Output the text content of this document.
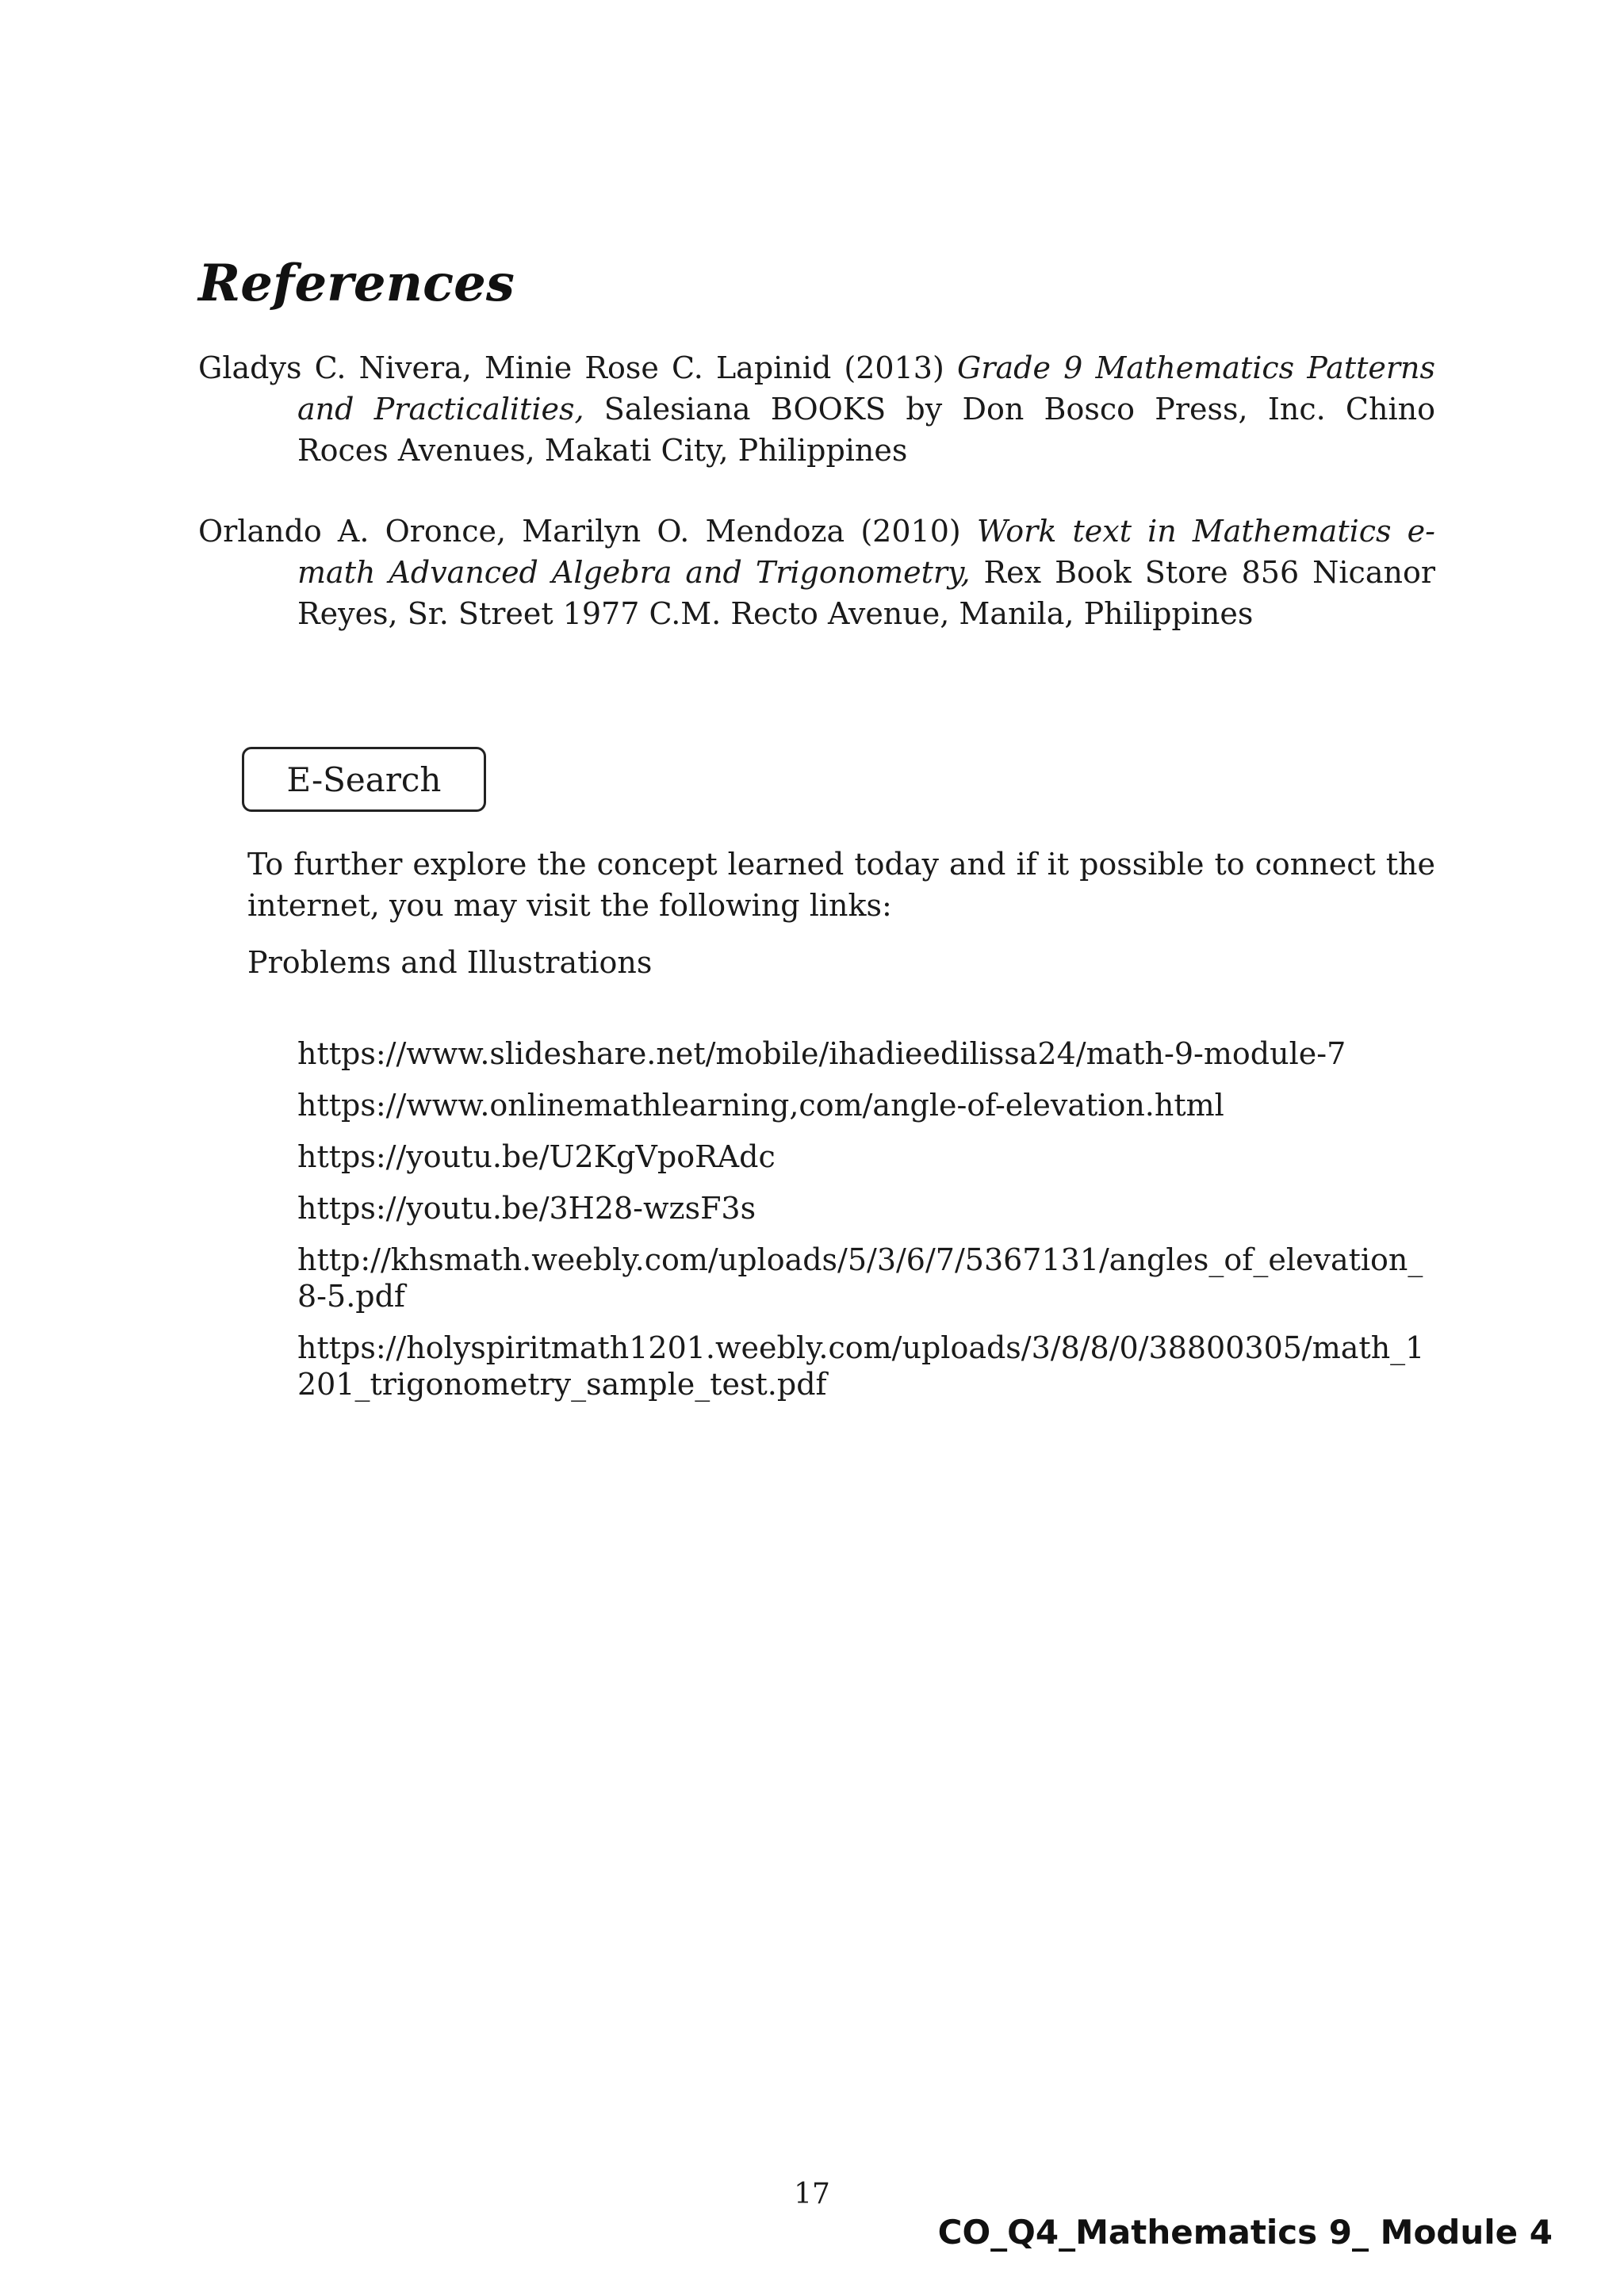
References

Gladys C. Nivera, Minie Rose C. Lapinid (2013) Grade 9 Mathematics Patterns and Practicalities, Salesiana BOOKS by Don Bosco Press, Inc. Chino Roces Avenues, Makati City, Philippines

Orlando A. Oronce, Marilyn O. Mendoza (2010) Work text in Mathematics e-math Advanced Algebra and Trigonometry, Rex Book Store 856 Nicanor Reyes, Sr. Street 1977 C.M. Recto Avenue, Manila, Philippines

E-Search

To further explore the concept learned today and if it possible to connect the internet, you may visit the following links:

Problems and Illustrations

https://www.slideshare.net/mobile/ihadieedilissa24/math-9-module-7
https://www.onlinemathlearning,com/angle-of-elevation.html
https://youtu.be/U2KgVpoRAdc
https://youtu.be/3H28-wzsF3s
http://khsmath.weebly.com/uploads/5/3/6/7/5367131/angles_of_elevation_8-5.pdf
https://holyspiritmath1201.weebly.com/uploads/3/8/8/0/38800305/math_1201_trigonometry_sample_test.pdf
17
CO_Q4_Mathematics 9_ Module 4
